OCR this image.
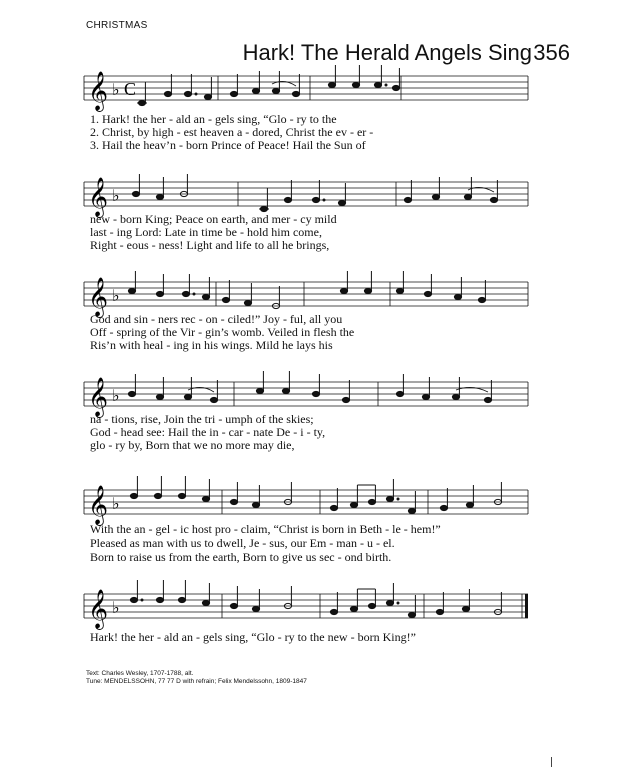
CHRISTMAS
Hark! The Herald Angels Sing 356
𝄞 ♭ C
1. Hark! the her - ald an - gels sing, “Glo - ry to the
2. Christ, by high - est heaven a - dored, Christ the ev - er -
3. Hail the heav’n - born Prince of Peace! Hail the Sun of
𝄞 ♭
new - born King; Peace on earth, and mer - cy mild
last - ing Lord: Late in time be - hold him come,
Right - eous - ness! Light and life to all he brings,
𝄞 ♭
God and sin - ners rec - on - ciled!” Joy - ful, all you
Off - spring of the Vir - gin’s womb. Veiled in flesh the
Ris’n with heal - ing in his wings. Mild he lays his
𝄞 ♭
na - tions, rise, Join the tri - umph of the skies;
God - head see: Hail the in - car - nate De - i - ty,
glo - ry by, Born that we no more may die,
𝄞 ♭
With the an - gel - ic host pro - claim, “Christ is born in Beth - le - hem!”
Pleased as man with us to dwell, Je - sus, our Em - man - u - el.
Born to raise us from the earth, Born to give us sec - ond birth.
𝄞 ♭
Hark! the her - ald an - gels sing, “Glo - ry to the new - born King!”
Text: Charles Wesley, 1707-1788, alt.
Tune: MENDELSSOHN, 77 77 D with refrain; Felix Mendelssohn, 1809-1847
